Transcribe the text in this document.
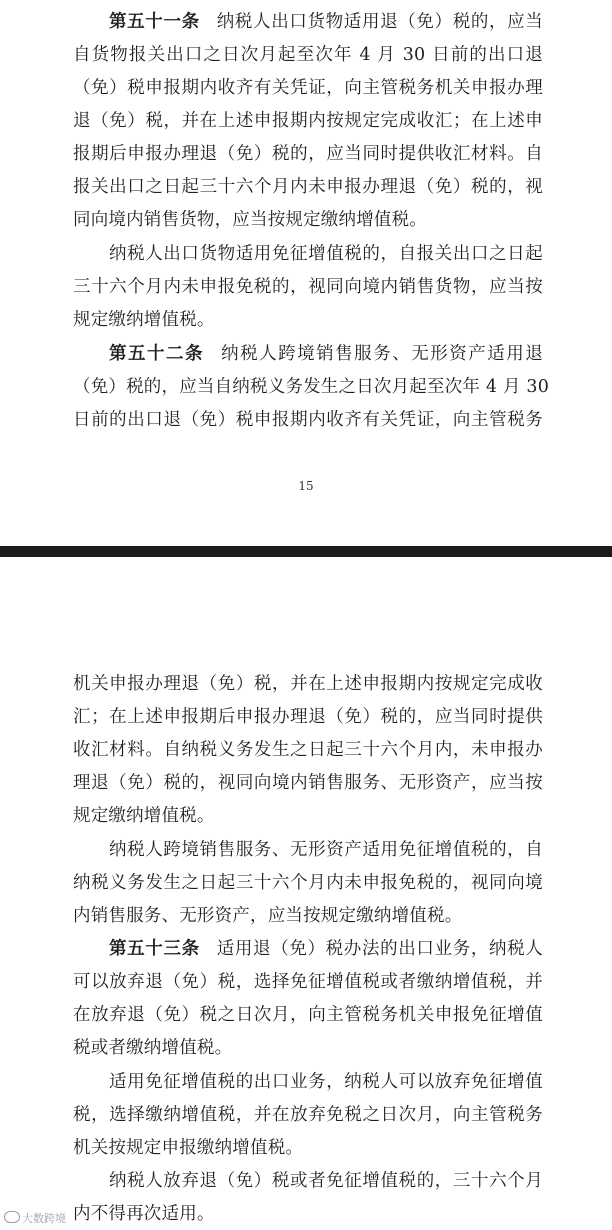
第五十一条 纳税人出口货物适用退（免）税的，应当
自货物报关出口之日次月起至次年 4 月 30 日前的出口退
（免）税申报期内收齐有关凭证，向主管税务机关申报办理
退（免）税，并在上述申报期内按规定完成收汇；在上述申
报期后申报办理退（免）税的，应当同时提供收汇材料。自
报关出口之日起三十六个月内未申报办理退（免）税的，视
同向境内销售货物，应当按规定缴纳增值税。
纳税人出口货物适用免征增值税的，自报关出口之日起
三十六个月内未申报免税的，视同向境内销售货物，应当按
规定缴纳增值税。
第五十二条 纳税人跨境销售服务、无形资产适用退
（免）税的，应当自纳税义务发生之日次月起至次年 4 月 30
日前的出口退（免）税申报期内收齐有关凭证，向主管税务
15
机关申报办理退（免）税，并在上述申报期内按规定完成收
汇；在上述申报期后申报办理退（免）税的，应当同时提供
收汇材料。自纳税义务发生之日起三十六个月内，未申报办
理退（免）税的，视同向境内销售服务、无形资产，应当按
规定缴纳增值税。
纳税人跨境销售服务、无形资产适用免征增值税的，自
纳税义务发生之日起三十六个月内未申报免税的，视同向境
内销售服务、无形资产，应当按规定缴纳增值税。
第五十三条 适用退（免）税办法的出口业务，纳税人
可以放弃退（免）税，选择免征增值税或者缴纳增值税，并
在放弃退（免）税之日次月，向主管税务机关申报免征增值
税或者缴纳增值税。
适用免征增值税的出口业务，纳税人可以放弃免征增值
税，选择缴纳增值税，并在放弃免税之日次月，向主管税务
机关按规定申报缴纳增值税。
纳税人放弃退（免）税或者免征增值税的，三十六个月
内不得再次适用。
大数跨境
